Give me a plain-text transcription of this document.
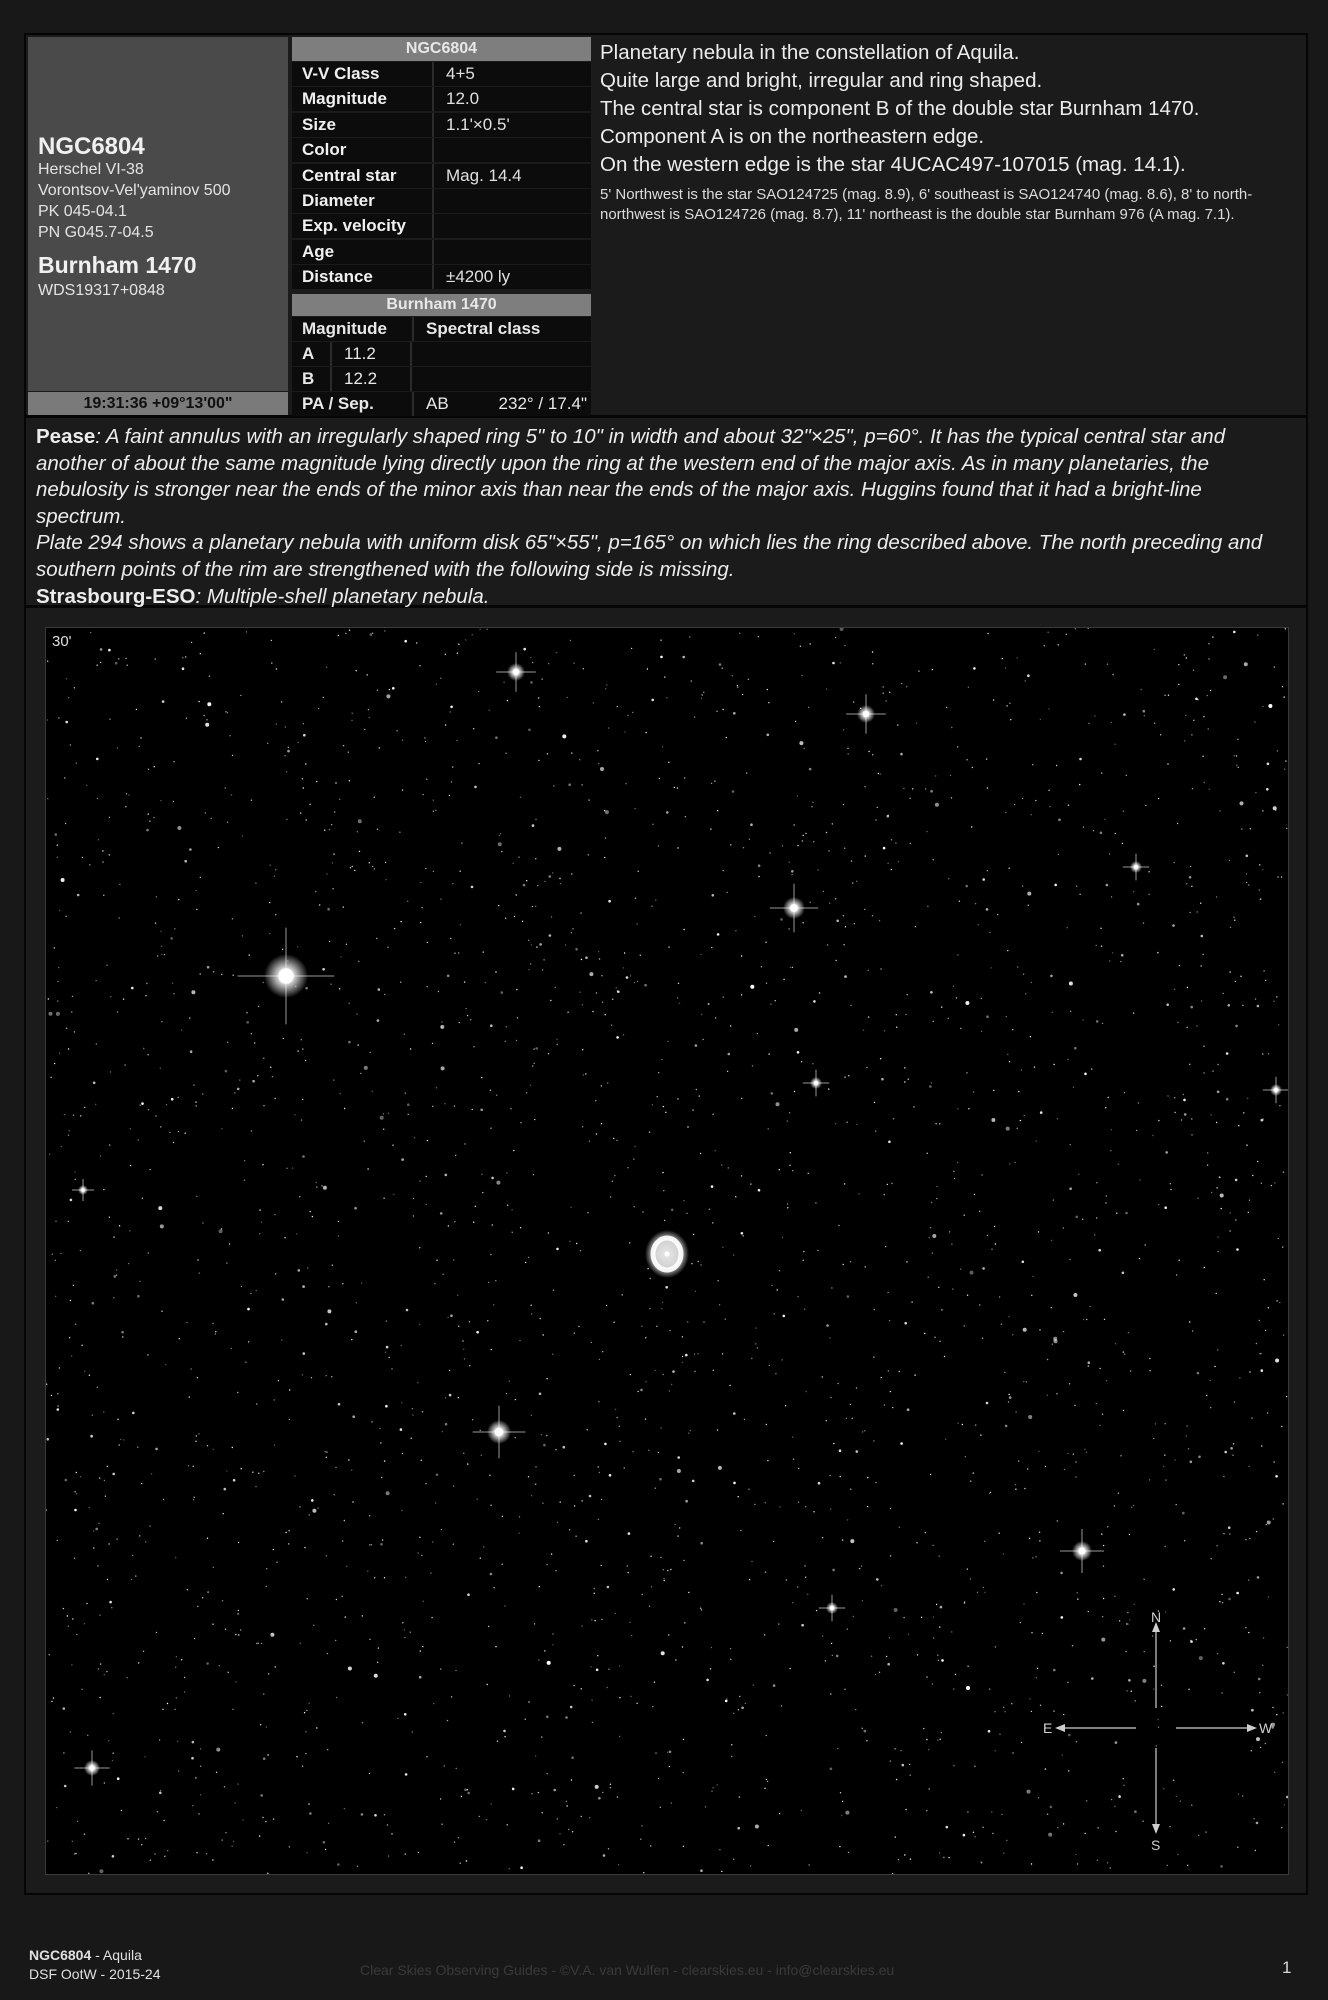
NGC6804
Herschel VI-38
Vorontsov-Vel'yaminov 500
PK 045-04.1
PN G045.7-04.5
Burnham 1470
WDS19317+0848
19:31:36 +09°13'00"
NGC6804
V-V Class	4+5
Magnitude	12.0
Size	1.1'×0.5'
Color
Central star	Mag. 14.4
Diameter
Exp. velocity
Age
Distance	±4200 ly
Burnham 1470
Magnitude	Spectral class
A	11.2
B	12.2
PA / Sep.	AB	232° / 17.4"
Planetary nebula in the constellation of Aquila.
Quite large and bright, irregular and ring shaped.
The central star is component B of the double star Burnham 1470.
Component A is on the northeastern edge.
On the western edge is the star 4UCAC497-107015 (mag. 14.1).
5' Northwest is the star SAO124725 (mag. 8.9), 6' southeast is SAO124740 (mag. 8.6), 8' to north-northwest is SAO124726 (mag. 8.7), 11' northeast is the double star Burnham 976 (A mag. 7.1).
Pease: A faint annulus with an irregularly shaped ring 5" to 10" in width and about 32"×25", p=60°. It has the typical central star and another of about the same magnitude lying directly upon the ring at the western end of the major axis. As in many planetaries, the nebulosity is stronger near the ends of the minor axis than near the ends of the major axis. Huggins found that it had a bright-line spectrum.
Plate 294 shows a planetary nebula with uniform disk 65"×55", p=165° on which lies the ring described above. The north preceding and southern points of the rim are strengthened with the following side is missing.
Strasbourg-ESO: Multiple-shell planetary nebula.
30'
N
S
E	W
NGC6804 - Aquila
DSF OotW - 2015-24	Clear Skies Observing Guides - ©V.A. van Wulfen - clearskies.eu - info@clearskies.eu	1
